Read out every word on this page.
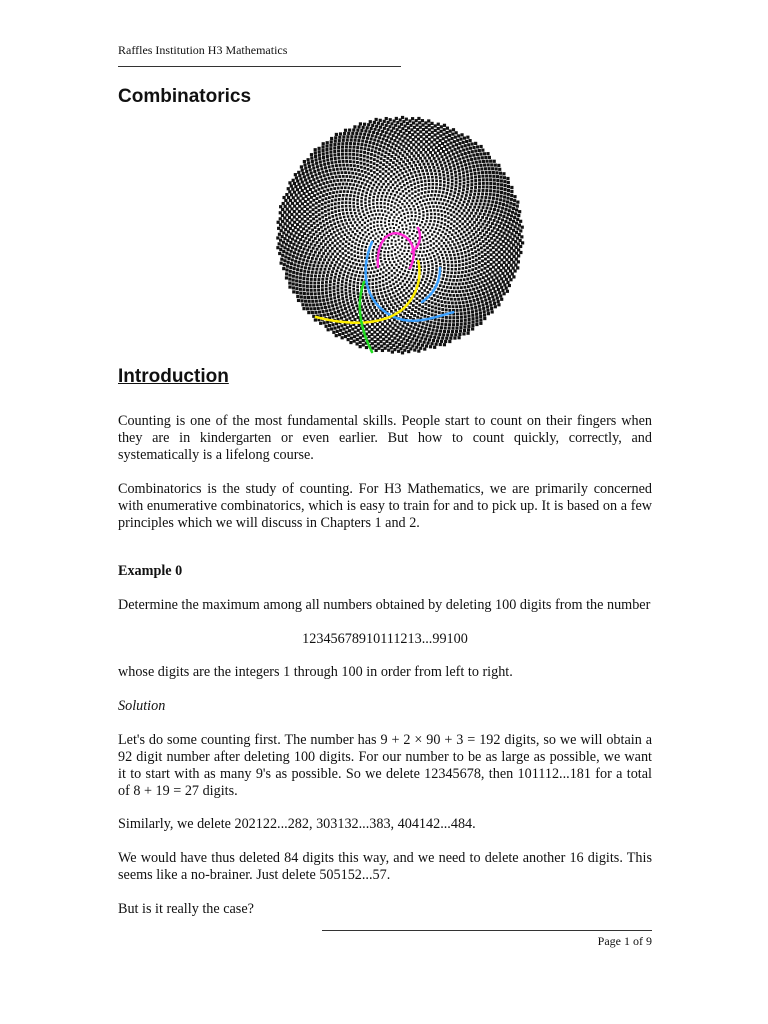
Raffles Institution H3 Mathematics
Combinatorics
Introduction

Counting is one of the most fundamental skills. People start to count on their fingers when they are in kindergarten or even earlier. But how to count quickly, correctly, and systematically is a lifelong course.

Combinatorics is the study of counting. For H3 Mathematics, we are primarily concerned with enumerative combinatorics, which is easy to train for and to pick up. It is based on a few principles which we will discuss in Chapters 1 and 2.

Example 0

Determine the maximum among all numbers obtained by deleting 100 digits from the number

12345678910111213...99100

whose digits are the integers 1 through 100 in order from left to right.

Solution

Let's do some counting first. The number has 9 + 2 × 90 + 3 = 192 digits, so we will obtain a 92 digit number after deleting 100 digits. For our number to be as large as possible, we want it to start with as many 9's as possible. So we delete 12345678, then 101112...181 for a total of 8 + 19 = 27 digits.

Similarly, we delete 202122...282, 303132...383, 404142...484.

We would have thus deleted 84 digits this way, and we need to delete another 16 digits. This seems like a no-brainer. Just delete 505152...57.

But is it really the case?

Page 1 of 9
